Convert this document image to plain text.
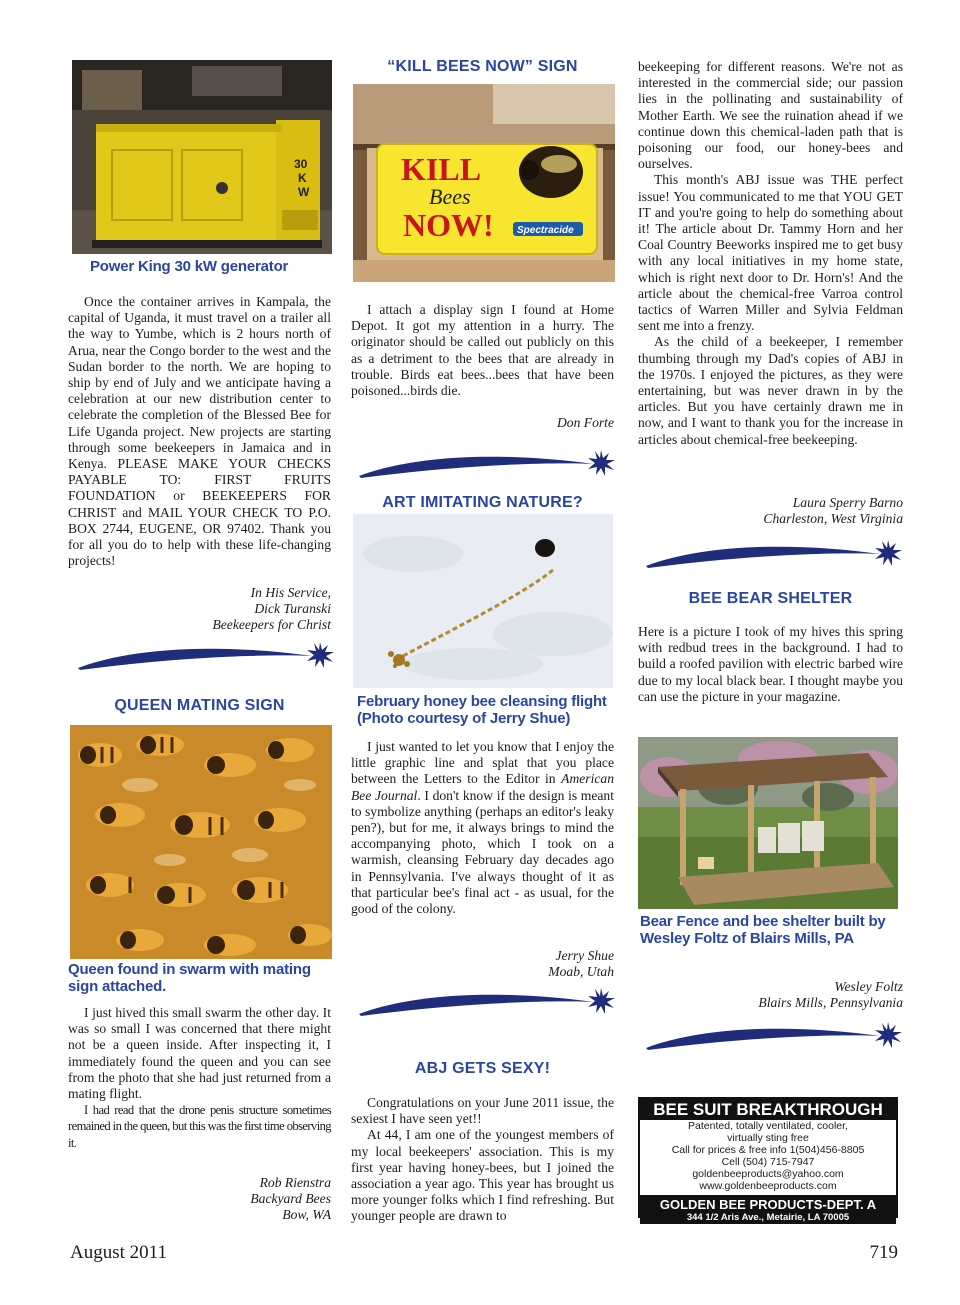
30
K
W
Power King 30 kW generator

Once the container arrives in Kampala, the capital of Uganda, it must travel on a trailer all the way to Yumbe, which is 2 hours north of Arua, near the Congo border to the west and the Sudan border to the north. We are hoping to ship by end of July and we anticipate having a celebration at our new distribution center to celebrate the completion of the Blessed Bee for Life Uganda project. New projects are starting through some beekeepers in Jamaica and in Kenya. PLEASE MAKE YOUR CHECKS PAYABLE TO: FIRST FRUITS FOUNDATION or BEEKEEPERS FOR CHRIST and MAIL YOUR CHECK TO P.O. BOX 2744, EUGENE, OR 97402. Thank you for all you do to help with these life-changing projects!

In His Service,
Dick Turanski
Beekeepers for Christ
QUEEN MATING SIGN
Queen found in swarm with mating sign attached.

I just hived this small swarm the other day. It was so small I was concerned that there might not be a queen inside. After inspecting it, I immediately found the queen and you can see from the photo that she had just returned from a mating flight.

I had read that the drone penis structure sometimes remained in the queen, but this was the first time observing it.

Rob Rienstra
Backyard Bees
Bow, WA
“KILL BEES NOW” SIGN
KILL
Bees
NOW! Spectracide

I attach a display sign I found at Home Depot. It got my attention in a hurry. The originator should be called out publicly on this as a detriment to the bees that are already in trouble. Birds eat bees...bees that have been poisoned...birds die.

Don Forte
ART IMITATING NATURE?
February honey bee cleansing flight (Photo courtesy of Jerry Shue)

I just wanted to let you know that I enjoy the little graphic line and splat that you place between the Letters to the Editor in American Bee Journal. I don't know if the design is meant to symbolize anything (perhaps an editor's leaky pen?), but for me, it always brings to mind the accompanying photo, which I took on a warmish, cleansing February day decades ago in Pennsylvania. I've always thought of it as that particular bee's final act - as usual, for the good of the colony.

Jerry Shue
Moab, Utah
ABJ GETS SEXY!

Congratulations on your June 2011 issue, the sexiest I have seen yet!!

At 44, I am one of the youngest members of my local beekeepers' association. This is my first year having honey-bees, but I joined the association a year ago. This year has brought us more younger folks which I find refreshing. But younger people are drawn to

beekeeping for different reasons. We're not as interested in the commercial side; our passion lies in the pollinating and sustainability of Mother Earth. We see the ruination ahead if we continue down this chemical-laden path that is poisoning our food, our honey-bees and ourselves.

This month's ABJ issue was THE perfect issue! You communicated to me that YOU GET IT and you're going to help do something about it! The article about Dr. Tammy Horn and her Coal Country Beeworks inspired me to get busy with any local initiatives in my home state, which is right next door to Dr. Horn's! And the article about the chemical-free Varroa control tactics of Warren Miller and Sylvia Feldman sent me into a frenzy.

As the child of a beekeeper, I remember thumbing through my Dad's copies of ABJ in the 1970s. I enjoyed the pictures, as they were entertaining, but was never drawn in by the articles. But you have certainly drawn me in now, and I want to thank you for the increase in articles about chemical-free beekeeping.

Laura Sperry Barno
Charleston, West Virginia
BEE BEAR SHELTER

Here is a picture I took of my hives this spring with redbud trees in the background. I had to build a roofed pavilion with electric barbed wire due to my local black bear. I thought maybe you can use the picture in your magazine.

Bear Fence and bee shelter built by Wesley Foltz of Blairs Mills, PA
Wesley Foltz
Blairs Mills, Pennsylvania
BEE SUIT BREAKTHROUGH
Patented, totally ventilated, cooler,
virtually sting free
Call for prices & free info 1(504)456-8805
Cell (504) 715-7947
goldenbeeproducts@yahoo.com
www.goldenbeeproducts.com
GOLDEN BEE PRODUCTS-DEPT. A
344 1/2 Aris Ave., Metairie, LA 70005
August 2011	719
